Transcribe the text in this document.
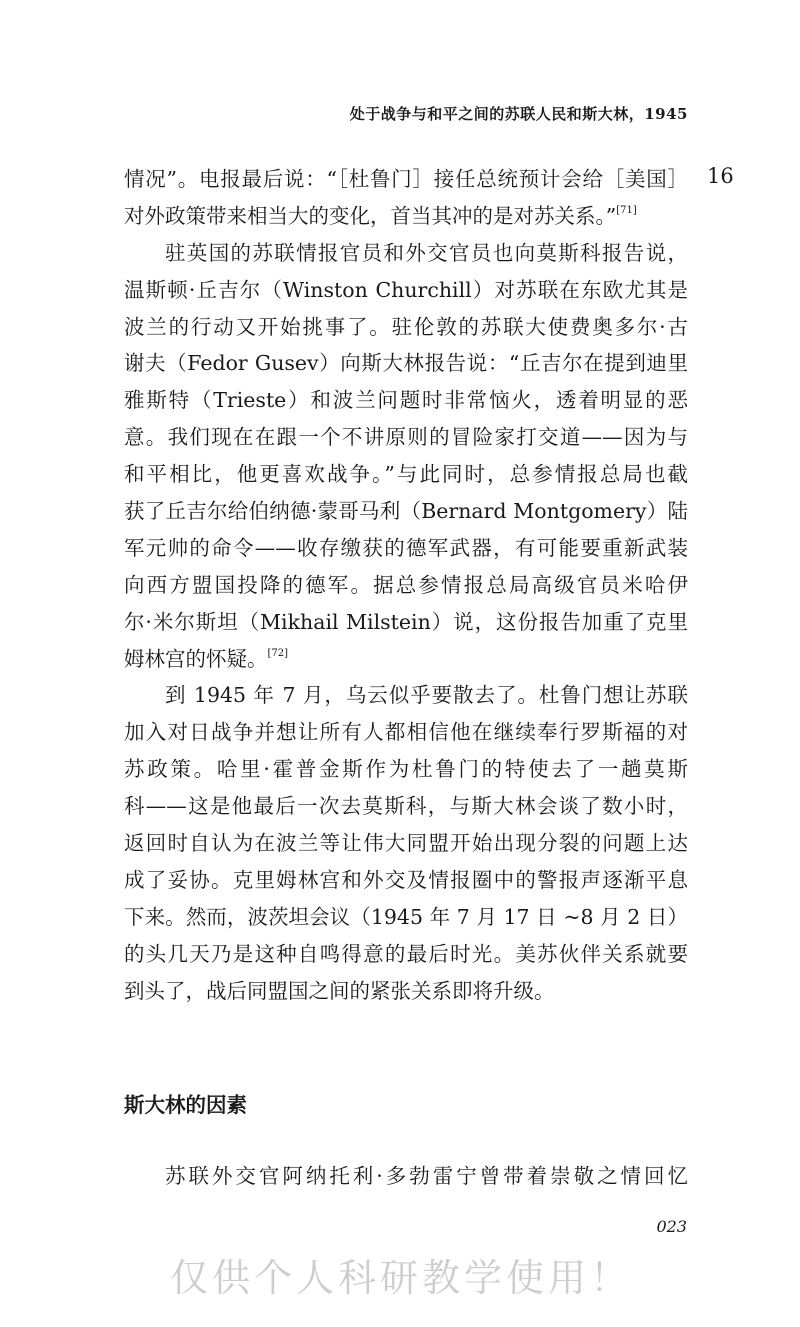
处于战争与和平之间的苏联人民和斯大林，1945
16
情况”。电报最后说：“［杜鲁门］接任总统预计会给［美国］
对外政策带来相当大的变化，首当其冲的是对苏关系。”[71]
驻英国的苏联情报官员和外交官员也向莫斯科报告说，
温斯顿·丘吉尔（Winston Churchill）对苏联在东欧尤其是
波兰的行动又开始挑事了。驻伦敦的苏联大使费奥多尔·古
谢夫（Fedor Gusev）向斯大林报告说：“丘吉尔在提到迪里
雅斯特（Trieste）和波兰问题时非常恼火，透着明显的恶
意。我们现在在跟一个不讲原则的冒险家打交道——因为与
和平相比，他更喜欢战争。”与此同时，总参情报总局也截
获了丘吉尔给伯纳德·蒙哥马利（Bernard Montgomery）陆
军元帅的命令——收存缴获的德军武器，有可能要重新武装
向西方盟国投降的德军。据总参情报总局高级官员米哈伊
尔·米尔斯坦（Mikhail Milstein）说，这份报告加重了克里
姆林宫的怀疑。[72]
到 1945 年 7 月，乌云似乎要散去了。杜鲁门想让苏联
加入对日战争并想让所有人都相信他在继续奉行罗斯福的对
苏政策。哈里·霍普金斯作为杜鲁门的特使去了一趟莫斯
科——这是他最后一次去莫斯科，与斯大林会谈了数小时，
返回时自认为在波兰等让伟大同盟开始出现分裂的问题上达
成了妥协。克里姆林宫和外交及情报圈中的警报声逐渐平息
下来。然而，波茨坦会议（1945 年 7 月 17 日 ~8 月 2 日）
的头几天乃是这种自鸣得意的最后时光。美苏伙伴关系就要
到头了，战后同盟国之间的紧张关系即将升级。
斯大林的因素
苏联外交官阿纳托利·多勃雷宁曾带着崇敬之情回忆
023
仅供个人科研教学使用！
